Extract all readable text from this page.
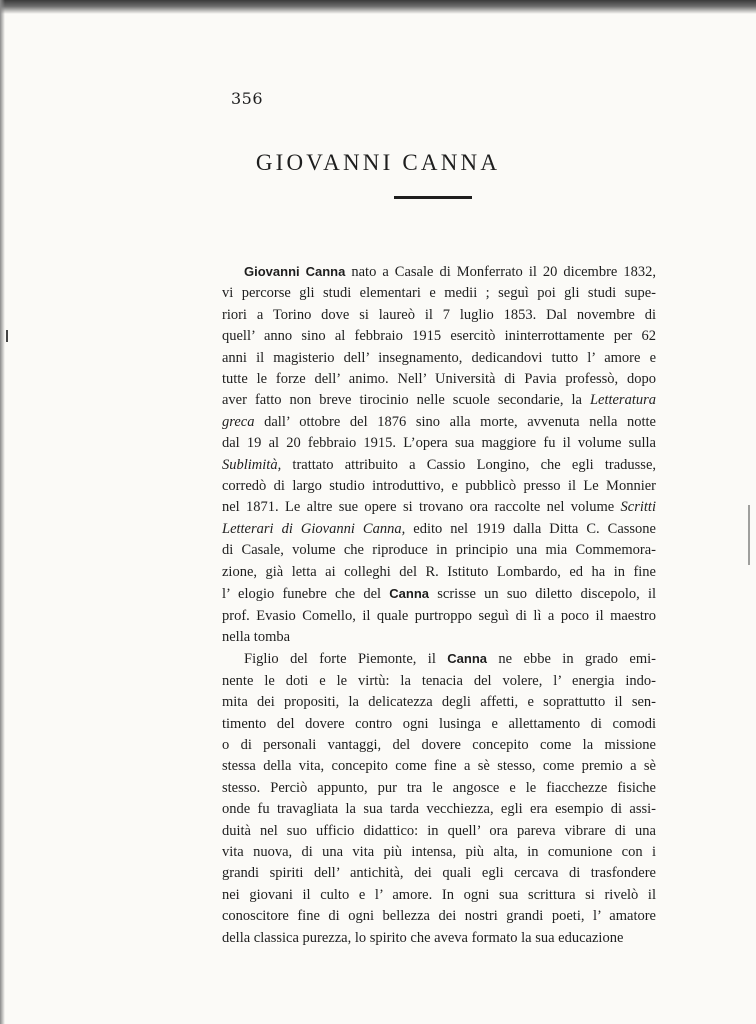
356
GIOVANNI CANNA
Giovanni Canna nato a Casale di Monferrato il 20 dicembre 1832,
vi percorse gli studi elementari e medii ; seguì poi gli studi supe-
riori a Torino dove si laureò il 7 luglio 1853. Dal novembre di
quell’ anno sino al febbraio 1915 esercitò ininterrottamente per 62
anni il magisterio dell’ insegnamento, dedicandovi tutto l’ amore e
tutte le forze dell’ animo. Nell’ Università di Pavia professò, dopo
aver fatto non breve tirocinio nelle scuole secondarie, la Letteratura
greca dall’ ottobre del 1876 sino alla morte, avvenuta nella notte
dal 19 al 20 febbraio 1915. L’opera sua maggiore fu il volume sulla
Sublimità, trattato attribuito a Cassio Longino, che egli tradusse,
corredò di largo studio introduttivo, e pubblicò presso il Le Monnier
nel 1871. Le altre sue opere si trovano ora raccolte nel volume Scritti
Letterari di Giovanni Canna, edito nel 1919 dalla Ditta C. Cassone
di Casale, volume che riproduce in principio una mia Commemora-
zione, già letta ai colleghi del R. Istituto Lombardo, ed ha in fine
l’ elogio funebre che del Canna scrisse un suo diletto discepolo, il
prof. Evasio Comello, il quale purtroppo seguì di lì a poco il maestro
nella tomba
Figlio del forte Piemonte, il Canna ne ebbe in grado emi-
nente le doti e le virtù: la tenacia del volere, l’ energia indo-
mita dei propositi, la delicatezza degli affetti, e soprattutto il sen-
timento del dovere contro ogni lusinga e allettamento di comodi
o di personali vantaggi, del dovere concepito come la missione
stessa della vita, concepito come fine a sè stesso, come premio a sè
stesso. Perciò appunto, pur tra le angosce e le fiacchezze fisiche
onde fu travagliata la sua tarda vecchiezza, egli era esempio di assi-
duità nel suo ufficio didattico: in quell’ ora pareva vibrare di una
vita nuova, di una vita più intensa, più alta, in comunione con i
grandi spiriti dell’ antichità, dei quali egli cercava di trasfondere
nei giovani il culto e l’ amore. In ogni sua scrittura si rivelò il
conoscitore fine di ogni bellezza dei nostri grandi poeti, l’ amatore
della classica purezza, lo spirito che aveva formato la sua educazione
